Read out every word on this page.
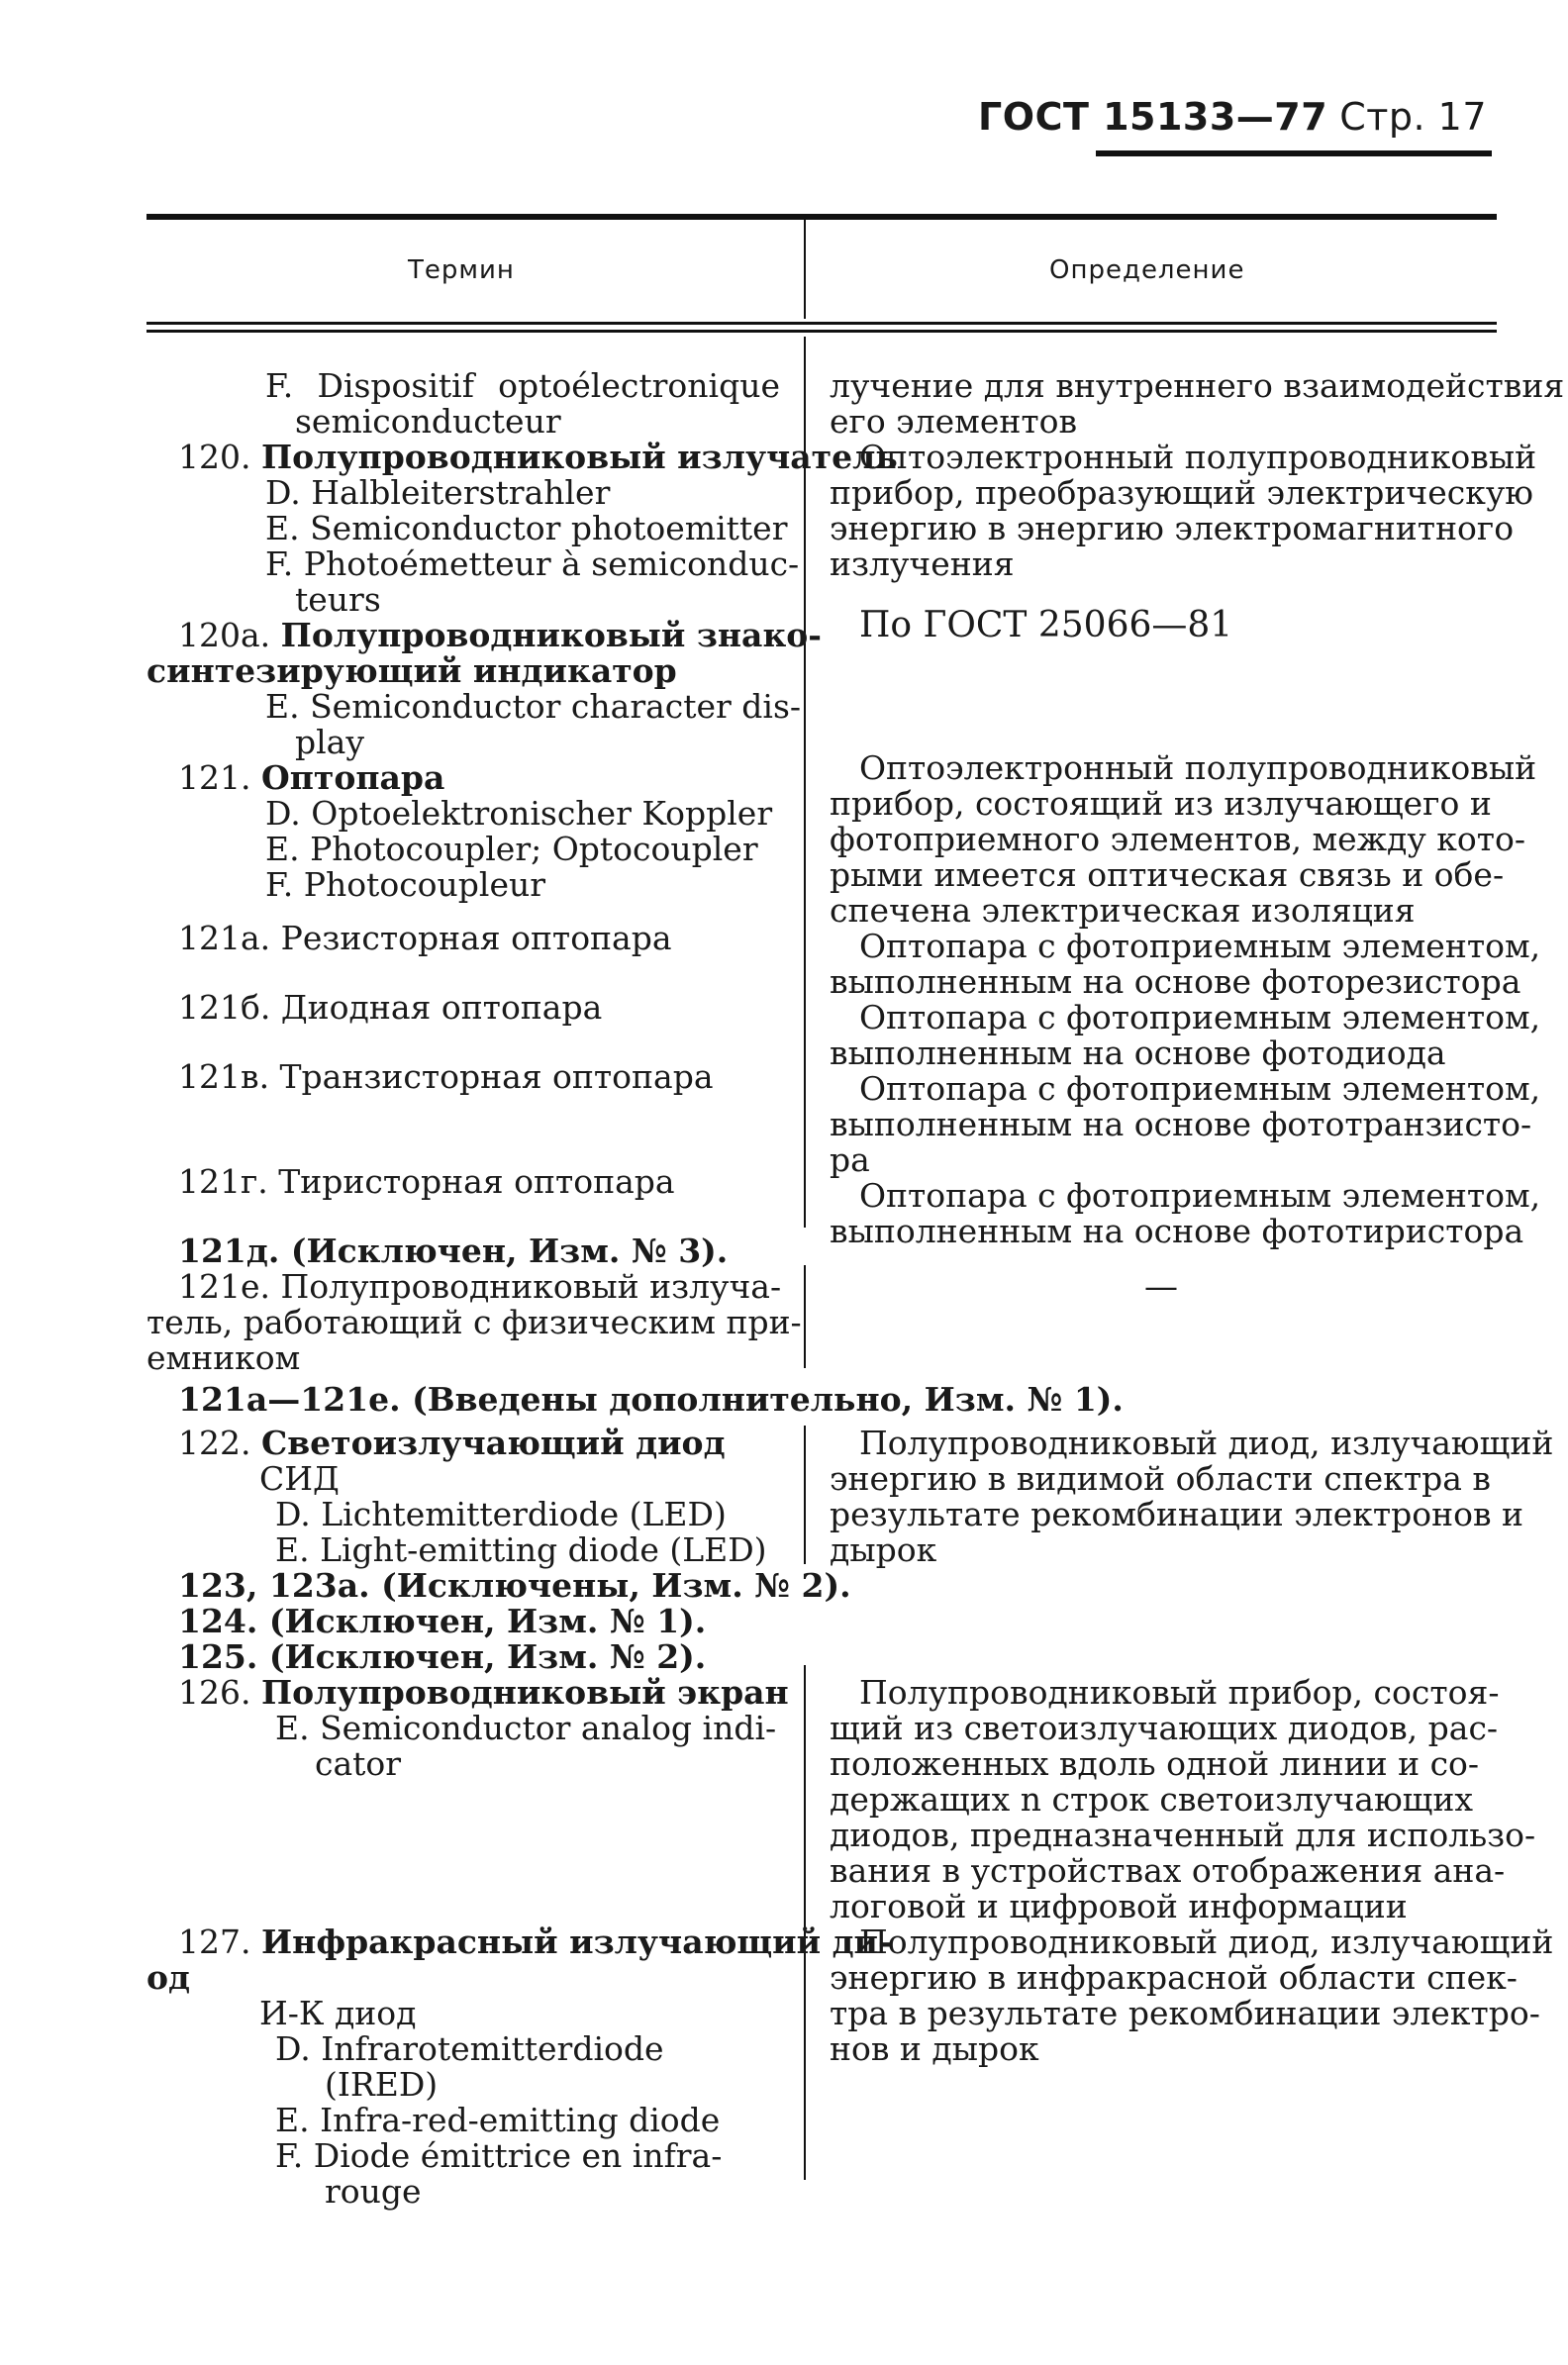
ГОСТ 15133—77 Стр. 17
Термин	Определение
F. Dispositif optoélectronique
semiconducteur
120. Полупроводниковый излучатель
D. Halbleiterstrahler
E. Semiconductor photoemitter
F. Photoémetteur à semiconduc-
teurs
120а. Полупроводниковый знако-
синтезирующий индикатор
E. Semiconductor character dis-
play
121. Оптопара
D. Optoelektronischer Koppler
E. Photocoupler; Optocoupler
F. Photocoupleur
121а. Резисторная оптопара
121б. Диодная оптопара
121в. Транзисторная оптопара
121г. Тиристорная оптопара
121д. (Исключен, Изм. № 3).
121е. Полупроводниковый излуча-
тель, работающий с физическим при-
емником
121а—121е. (Введены дополнительно, Изм. № 1).
122. Светоизлучающий диод
СИД
D. Lichtemitterdiode (LED)
E. Light-emitting diode (LED)
123, 123а. (Исключены, Изм. № 2).
124. (Исключен, Изм. № 1).
125. (Исключен, Изм. № 2).
126. Полупроводниковый экран
E. Semiconductor analog indi-
cator
127. Инфракрасный излучающий ди-
од
И-К диод
D. Infrarotemitterdiode
(IRED)
E. Infra-red-emitting diode
F. Diode émittrice en infra-
rouge
лучение для внутреннего взаимодействия
его элементов
Оптоэлектронный полупроводниковый
прибор, преобразующий электрическую
энергию в энергию электромагнитного
излучения
По ГОСТ 25066—81
Оптоэлектронный полупроводниковый
прибор, состоящий из излучающего и
фотоприемного элементов, между кото-
рыми имеется оптическая связь и обе-
спечена электрическая изоляция
Оптопара с фотоприемным элементом,
выполненным на основе фоторезистора
Оптопара с фотоприемным элементом,
выполненным на основе фотодиода
Оптопара с фотоприемным элементом,
выполненным на основе фототранзисто-
ра
Оптопара с фотоприемным элементом,
выполненным на основе фототиристора
—
Полупроводниковый диод, излучающий
энергию в видимой области спектра в
результате рекомбинации электронов и
дырок
Полупроводниковый прибор, состоя-
щий из светоизлучающих диодов, рас-
положенных вдоль одной линии и со-
держащих n строк светоизлучающих
диодов, предназначенный для использо-
вания в устройствах отображения ана-
логовой и цифровой информации
Полупроводниковый диод, излучающий
энергию в инфракрасной области спек-
тра в результате рекомбинации электро-
нов и дырок
